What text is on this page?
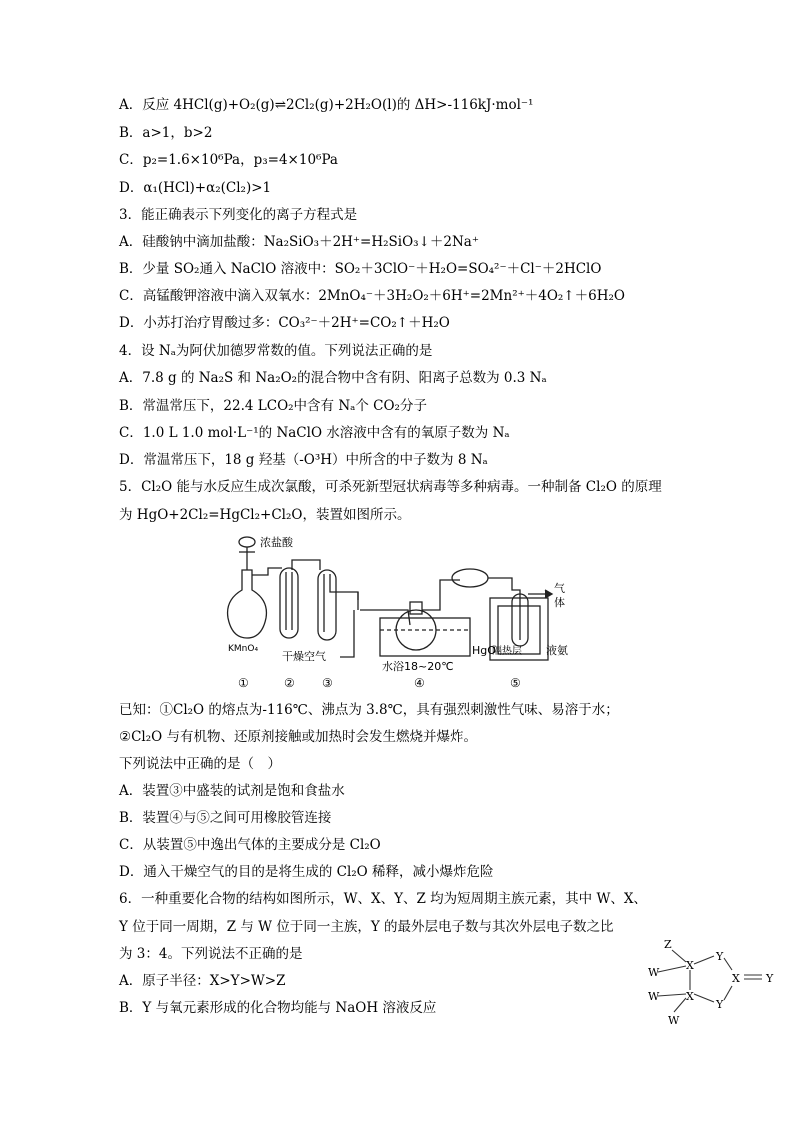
A．反应 4HCl(g)+O₂(g)⇌2Cl₂(g)+2H₂O(l)的 ΔH>-116kJ·mol⁻¹
B．a>1，b>2
C．p₂=1.6×10⁶Pa，p₃=4×10⁶Pa
D．α₁(HCl)+α₂(Cl₂)>1
3．能正确表示下列变化的离子方程式是
A．硅酸钠中滴加盐酸：Na₂SiO₃＋2H⁺=H₂SiO₃↓＋2Na⁺
B．少量 SO₂通入 NaClO 溶液中：SO₂＋3ClO⁻＋H₂O=SO₄²⁻＋Cl⁻＋2HClO
C．高锰酸钾溶液中滴入双氧水：2MnO₄⁻＋3H₂O₂＋6H⁺=2Mn²⁺＋4O₂↑＋6H₂O
D．小苏打治疗胃酸过多：CO₃²⁻＋2H⁺=CO₂↑＋H₂O
4．设 Nₐ为阿伏加德罗常数的值。下列说法正确的是
A．7.8 g 的 Na₂S 和 Na₂O₂的混合物中含有阴、阳离子总数为 0.3 Nₐ
B．常温常压下，22.4 LCO₂中含有 Nₐ个 CO₂分子
C．1.0 L 1.0 mol·L⁻¹的 NaClO 水溶液中含有的氧原子数为 Nₐ
D．常温常压下，18 g 羟基（-O³H）中所含的中子数为 8 Nₐ
5．Cl₂O 能与水反应生成次氯酸，可杀死新型冠状病毒等多种病毒。一种制备 Cl₂O 的原理
为 HgO+2Cl₂=HgCl₂+Cl₂O，装置如图所示。
浓盐酸
KMnO₄
干燥空气
水浴18~20℃
HgO
隔热层 液氨
气
体
①	② ③	④	⑤
已知：①Cl₂O 的熔点为-116℃、沸点为 3.8℃，具有强烈刺激性气味、易溶于水；
②Cl₂O 与有机物、还原剂接触或加热时会发生燃烧并爆炸。
下列说法中正确的是（　）
A．装置③中盛装的试剂是饱和食盐水
B．装置④与⑤之间可用橡胶管连接
C．从装置⑤中逸出气体的主要成分是 Cl₂O
D．通入干燥空气的目的是将生成的 Cl₂O 稀释，减小爆炸危险
6．一种重要化合物的结构如图所示，W、X、Y、Z 均为短周期主族元素，其中 W、X、
Y 位于同一周期，Z 与 W 位于同一主族，Y 的最外层电子数与其次外层电子数之比
为 3：4。下列说法不正确的是
A．原子半径：X>Y>W>Z
B．Y 与氧元素形成的化合物均能与 NaOH 溶液反应
Z
X
Y
X Y
W
W X
Y
W
